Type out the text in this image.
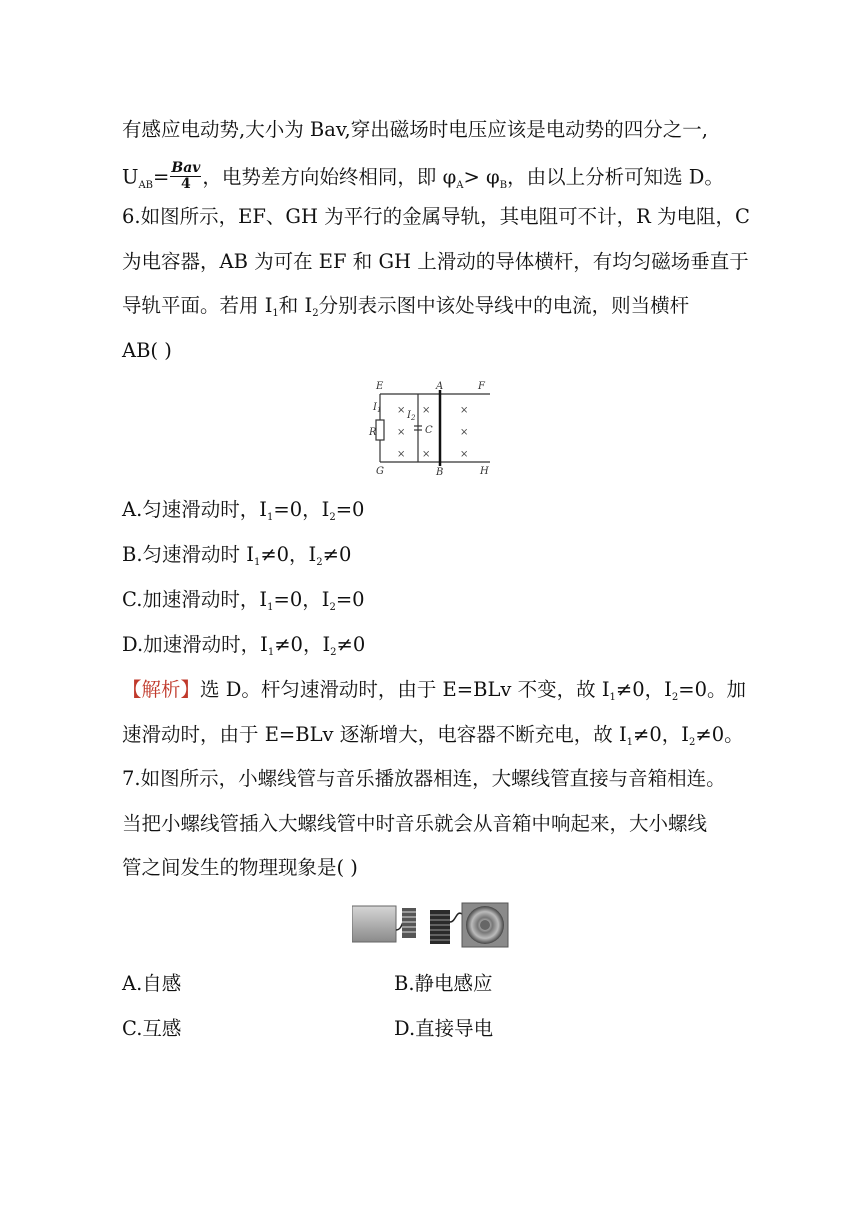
有感应电动势,大小为 Bav,穿出磁场时电压应该是电动势的四分之一,
$U_{AB}= \frac{\text{Bav}}{4}$ ，电势差方向始终相同，即 $\varphi_A> \varphi_B$，由以上分析可知选 D。
6.如图所示，EF、GH 为平行的金属导轨，其电阻可不计，R 为电阻，C
为电容器，AB 为可在 EF 和 GH 上滑动的导体横杆，有均匀磁场垂直于
导轨平面。若用 $I_1$和 $I_2$分别表示图中该处导线中的电流，则当横杆
AB( )
E	F
G	H
A
B
R	C
$I_1$	$I_2$
×
×
×
×
×
×
×
×
A.匀速滑动时，$I_1=0$，$I_2=0$
B.匀速滑动时 $I_1\ne 0$，$I_2\ne 0$
C.加速滑动时，$I_1=0$，$I_2=0$
D.加速滑动时，$I_1\ne 0$，$I_2\ne 0$
【解析】选 D。杆匀速滑动时，由于 E=BLv 不变，故 $I_1\ne 0$，$I_2=0$。加
速滑动时，由于 E=BLv 逐渐增大，电容器不断充电，故 $I_1\ne 0$，$I_2\ne 0$。
7.如图所示，小螺线管与音乐播放器相连，大螺线管直接与音箱相连。
当把小螺线管插入大螺线管中时音乐就会从音箱中响起来，大小螺线
管之间发生的物理现象是( )
A.自感	B.静电感应
C.互感	D.直接导电
